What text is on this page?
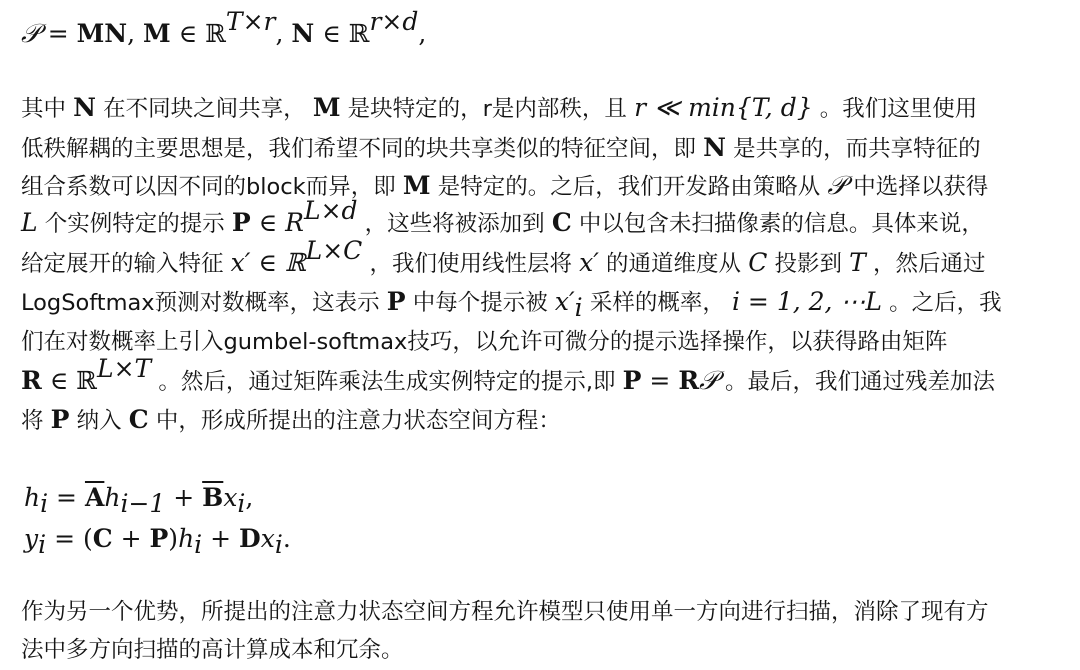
𝒫 = MN, M ∈ ℝ$^{T\times r}$, N ∈ ℝ$^{r\times d}$,
其中 N 在不同块之间共享， M 是块特定的，r是内部秩，且 r ≪ min{T, d} 。我们这里使用
低秩解耦的主要思想是，我们希望不同的块共享类似的特征空间，即 N 是共享的，而共享特征的
组合系数可以因不同的block而异，即 M 是特定的。之后，我们开发路由策略从 𝒫 中选择以获得
L 个实例特定的提示 P ∈ $R^{L\times d}$ ，这些将被添加到 C 中以包含未扫描像素的信息。具体来说，
给定展开的输入特征 x′ ∈ ℝ$^{L\times C}$ ，我们使用线性层将 x′ 的通道维度从 C 投影到 T ，然后通过
LogSoftmax预测对数概率，这表示 P 中每个提示被 $x'_i$ 采样的概率， i = 1, 2, ⋯L 。之后，我
们在对数概率上引入gumbel-softmax技巧，以允许可微分的提示选择操作，以获得路由矩阵
R ∈ ℝ$^{L\times T}$ 。然后，通过矩阵乘法生成实例特定的提示,即 P = R𝒫 。最后，我们通过残差加法
将 P 纳入 C 中，形成所提出的注意力状态空间方程：
$h_i = \overline{A}h_{i-1} + \overline{B}x_i$,
$y_i = (C + P)h_i + Dx_i$.
作为另一个优势，所提出的注意力状态空间方程允许模型只使用单一方向进行扫描，消除了现有方
法中多方向扫描的高计算成本和冗余。
